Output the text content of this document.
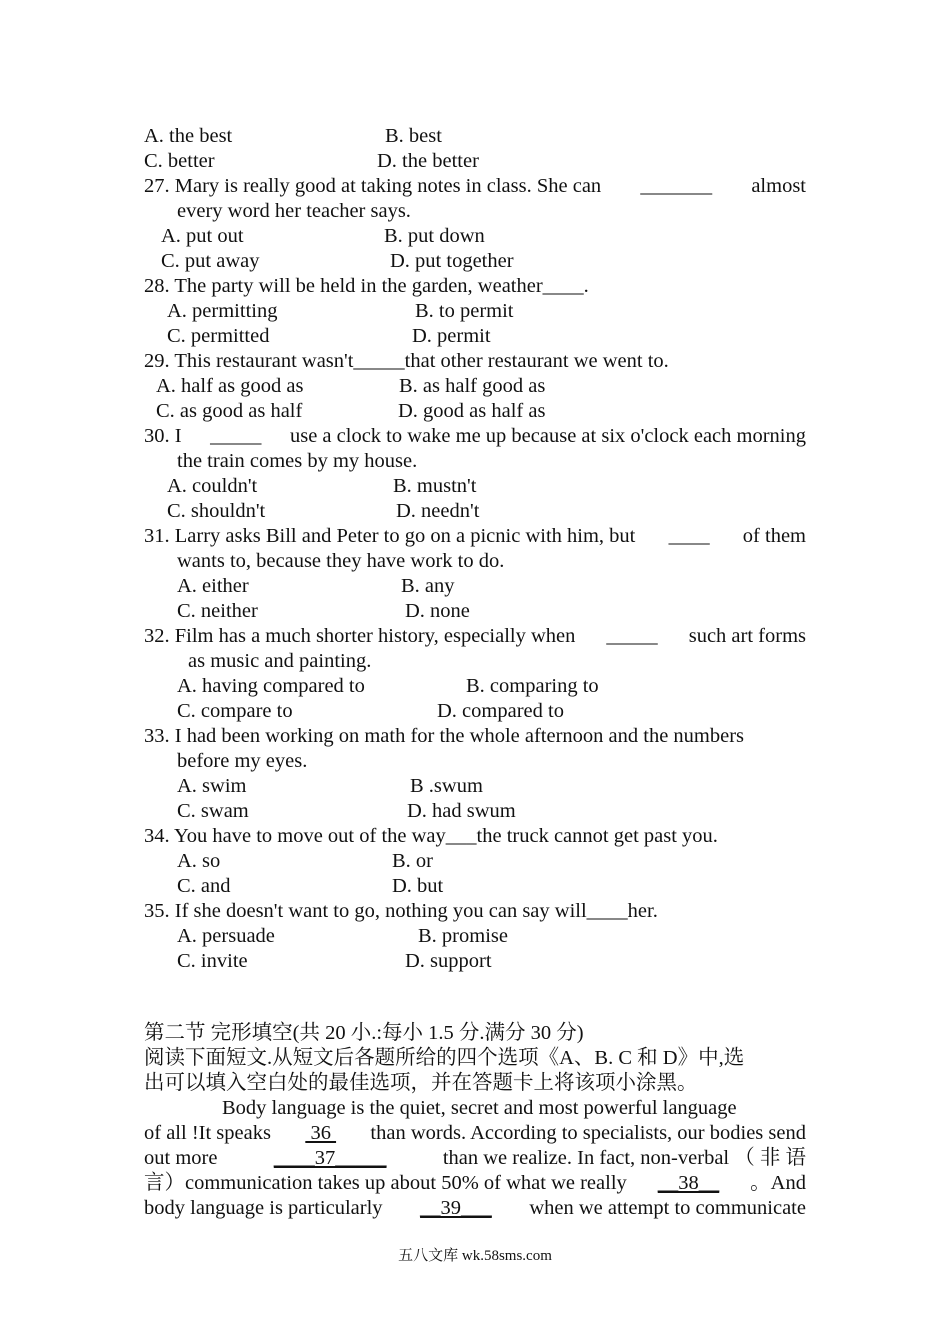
A. the best	B. best
C. better	D. the better
27. Mary is really good at taking notes in class. She can _______ almost
every word her teacher says.
A. put out	B. put down
C. put away	D. put together
28. The party will be held in the garden, weather____.
A. permitting	B. to permit
C. permitted	D. permit
29. This restaurant wasn't_____that other restaurant we went to.
A. half as good as	B. as half good as
C. as good as half	D. good as half as
30. I _____ use a clock to wake me up because at six o'clock each morning
the train comes by my house.
A. couldn't	B. mustn't
C. shouldn't	D. needn't
31. Larry asks Bill and Peter to go on a picnic with him, but ____ of them
wants to, because they have work to do.
A. either	B. any
C. neither	D. none
32. Film has a much shorter history, especially when _____ such art forms
as music and painting.
A. having compared to	B. comparing to
C. compare to	D. compared to
33. I had been working on math for the whole afternoon and the numbers
before my eyes.
A. swim	B .swum
C. swam	D. had swum
34. You have to move out of the way___the truck cannot get past you.
A. so	B. or
C. and	D. but
35. If she doesn't want to go, nothing you can say will____her.
A. persuade	B. promise
C. invite	D. support
第二节 完形填空(共 20 小.:每小 1.5 分.满分 30 分)
阅读下面短文.从短文后各题所给的四个选项《A、B. C 和 D》中,选
出可以填入空白处的最佳选项，并在答题卡上将该项小涂黑。
Body language is the quiet, secret and most powerful language
of all !It speaks 36 than words. According to specialists, our bodies send
out more	____37_____	than we realize. In fact, non-verbal （ 非 语
言）communication takes up about 50% of what we really __38__ 。And
body language is particularly __39___ when we attempt to communicate
五八文库 wk.58sms.com
